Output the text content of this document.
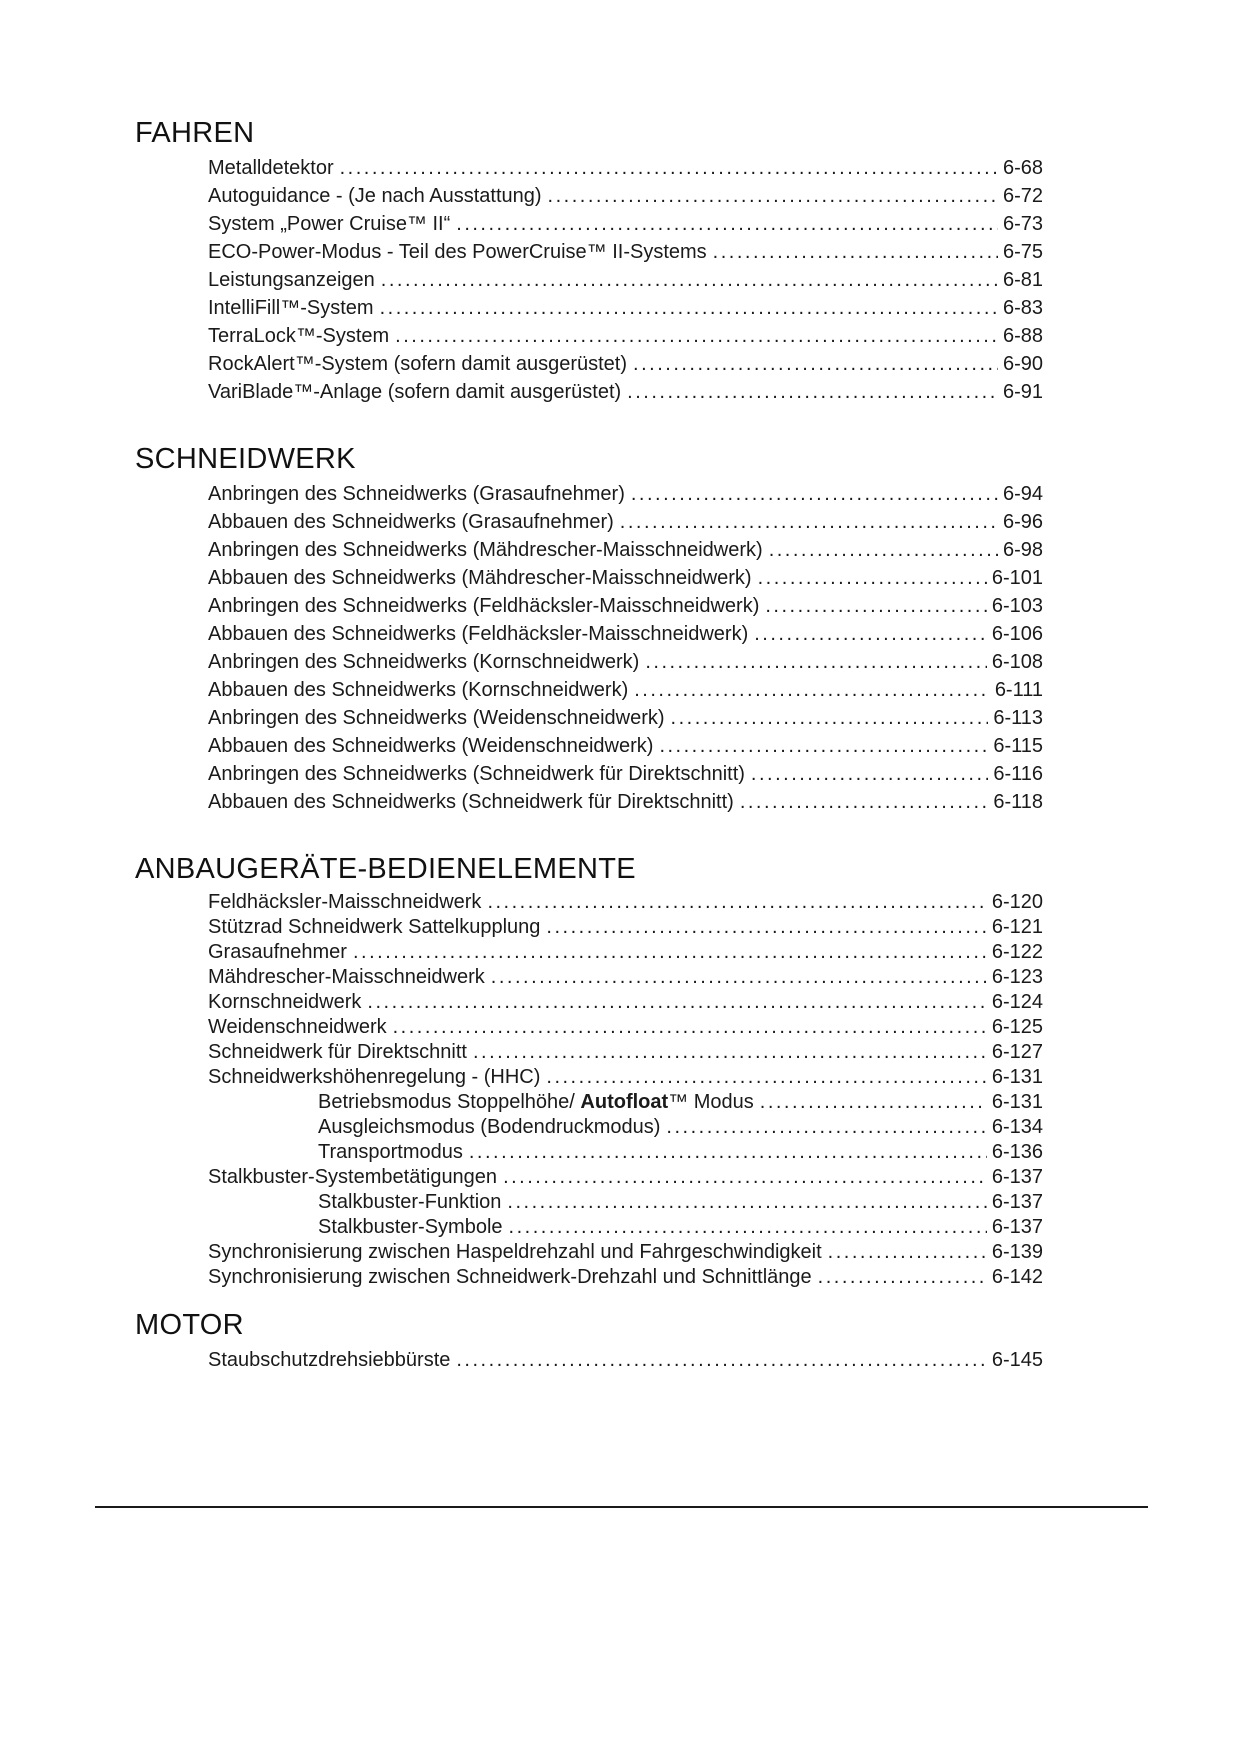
FAHREN
Metalldetektor .....	6-68
Autoguidance - (Je nach Ausstattung) .....	6-72
System „Power Cruise™ II“ .....	6-73
ECO-Power-Modus - Teil des PowerCruise™ II-Systems .....	6-75
Leistungsanzeigen .....	6-81
IntelliFill™-System .....	6-83
TerraLock™-System .....	6-88
RockAlert™-System (sofern damit ausgerüstet) .....	6-90
VariBlade™-Anlage (sofern damit ausgerüstet) .....	6-91
SCHNEIDWERK
Anbringen des Schneidwerks (Grasaufnehmer) .....	6-94
Abbauen des Schneidwerks (Grasaufnehmer) .....	6-96
Anbringen des Schneidwerks (Mähdrescher-Maisschneidwerk) .....	6-98
Abbauen des Schneidwerks (Mähdrescher-Maisschneidwerk) .....	6-101
Anbringen des Schneidwerks (Feldhäcksler-Maisschneidwerk) .....	6-103
Abbauen des Schneidwerks (Feldhäcksler-Maisschneidwerk) .....	6-106
Anbringen des Schneidwerks (Kornschneidwerk) .....	6-108
Abbauen des Schneidwerks (Kornschneidwerk) .....	6-111
Anbringen des Schneidwerks (Weidenschneidwerk) .....	6-113
Abbauen des Schneidwerks (Weidenschneidwerk) .....	6-115
Anbringen des Schneidwerks (Schneidwerk für Direktschnitt) .....	6-116
Abbauen des Schneidwerks (Schneidwerk für Direktschnitt) .....	6-118
ANBAUGERÄTE-BEDIENELEMENTE
Feldhäcksler-Maisschneidwerk .....	6-120
Stützrad Schneidwerk Sattelkupplung .....	6-121
Grasaufnehmer .....	6-122
Mähdrescher-Maisschneidwerk .....	6-123
Kornschneidwerk .....	6-124
Weidenschneidwerk .....	6-125
Schneidwerk für Direktschnitt .....	6-127
Schneidwerkshöhenregelung - (HHC) .....	6-131
Betriebsmodus Stoppelhöhe/ Autofloat™ Modus .....	6-131
Ausgleichsmodus (Bodendruckmodus) .....	6-134
Transportmodus .....	6-136
Stalkbuster-Systembetätigungen .....	6-137
Stalkbuster-Funktion .....	6-137
Stalkbuster-Symbole .....	6-137
Synchronisierung zwischen Haspeldrehzahl und Fahrgeschwindigkeit .....	6-139
Synchronisierung zwischen Schneidwerk-Drehzahl und Schnittlänge .....	6-142
MOTOR
Staubschutzdrehsiebbürste .....	6-145
